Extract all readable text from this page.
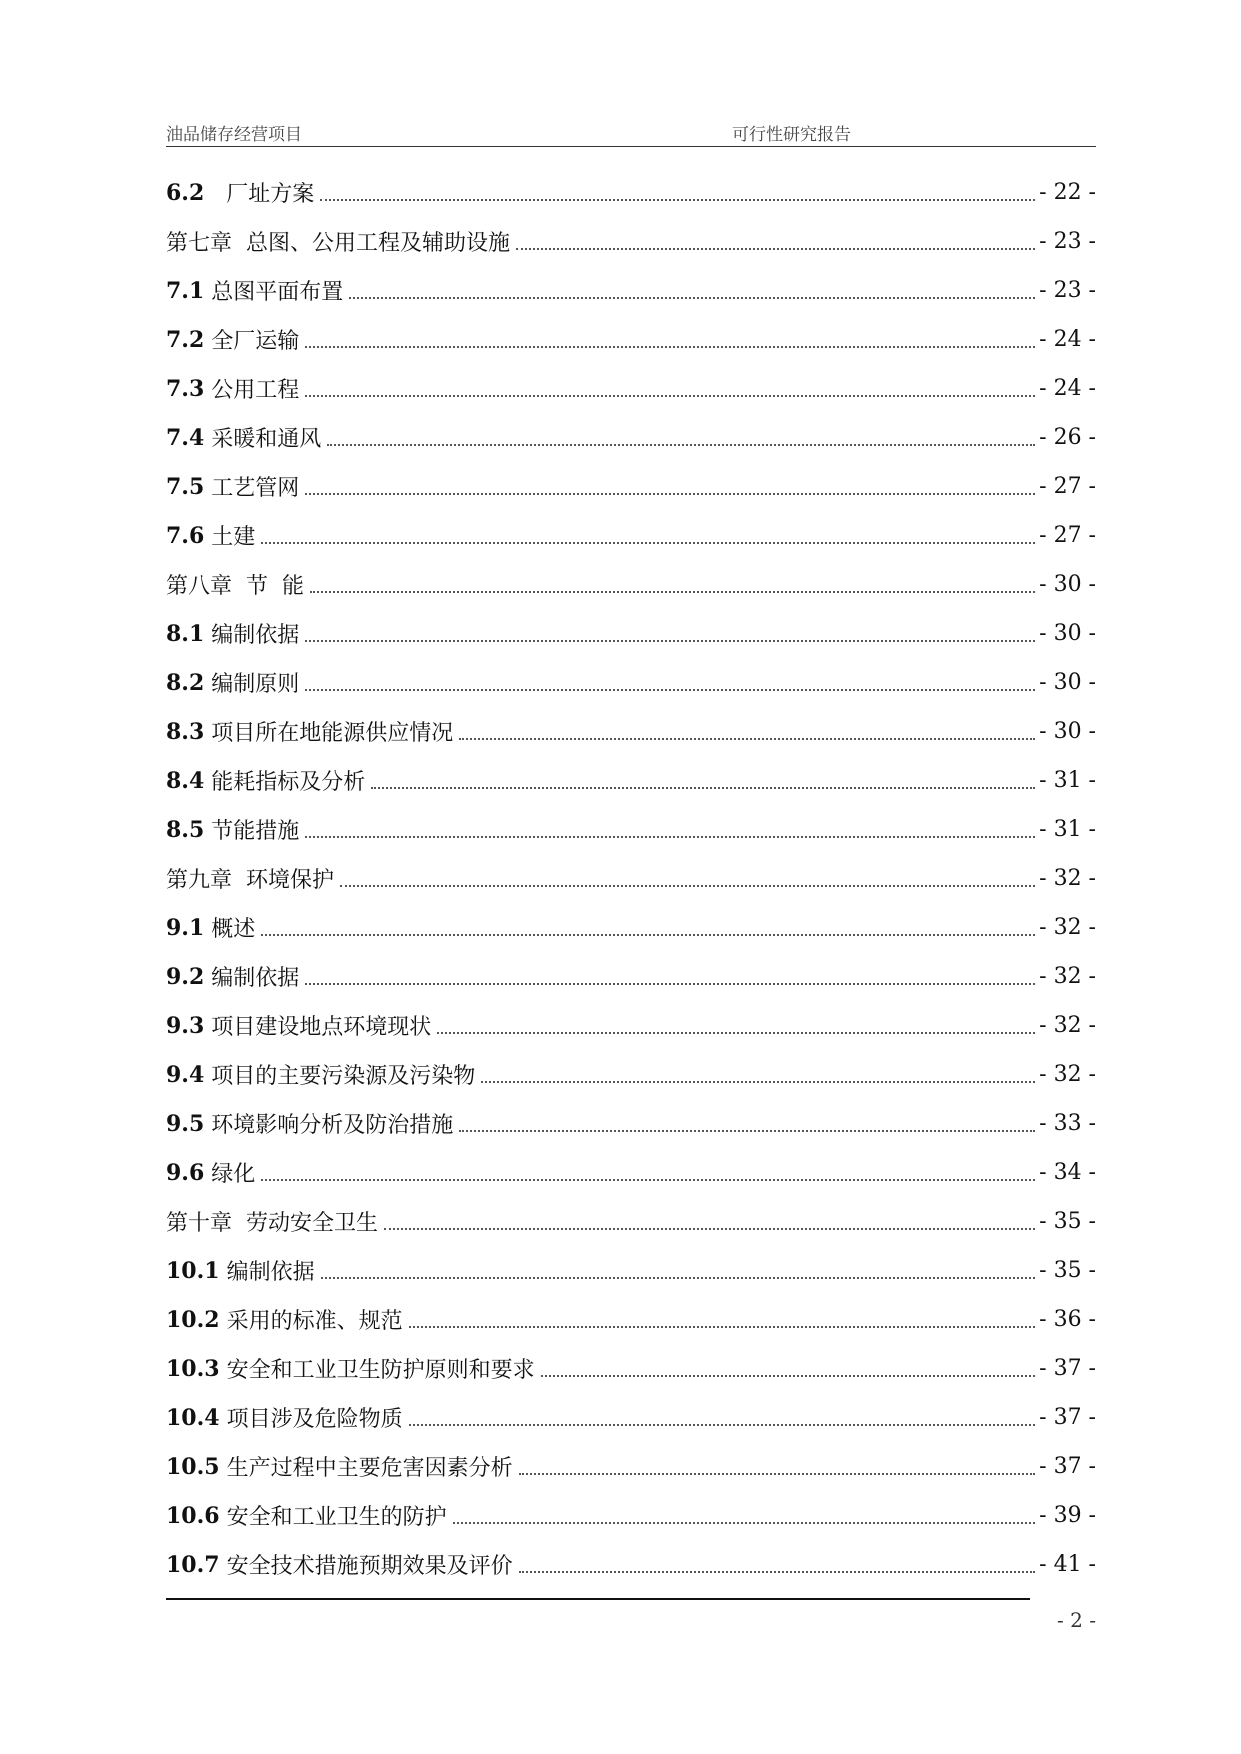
油品储存经营项目	可行性研究报告
6.2 　厂址方案	- 22 -
第七章  总图、公用工程及辅助设施	- 23 -
7.1 总图平面布置	- 23 -
7.2 全厂运输	- 24 -
7.3 公用工程	- 24 -
7.4 采暖和通风	- 26 -
7.5 工艺管网	- 27 -
7.6 土建	- 27 -
第八章  节  能	- 30 -
8.1 编制依据	- 30 -
8.2 编制原则	- 30 -
8.3 项目所在地能源供应情况	- 30 -
8.4 能耗指标及分析	- 31 -
8.5 节能措施	- 31 -
第九章  环境保护	- 32 -
9.1 概述	- 32 -
9.2 编制依据	- 32 -
9.3 项目建设地点环境现状	- 32 -
9.4 项目的主要污染源及污染物	- 32 -
9.5 环境影响分析及防治措施	- 33 -
9.6 绿化	- 34 -
第十章  劳动安全卫生	- 35 -
10.1 编制依据	- 35 -
10.2 采用的标准、规范	- 36 -
10.3 安全和工业卫生防护原则和要求	- 37 -
10.4 项目涉及危险物质	- 37 -
10.5 生产过程中主要危害因素分析	- 37 -
10.6 安全和工业卫生的防护	- 39 -
10.7 安全技术措施预期效果及评价	- 41 -
- 2 -
